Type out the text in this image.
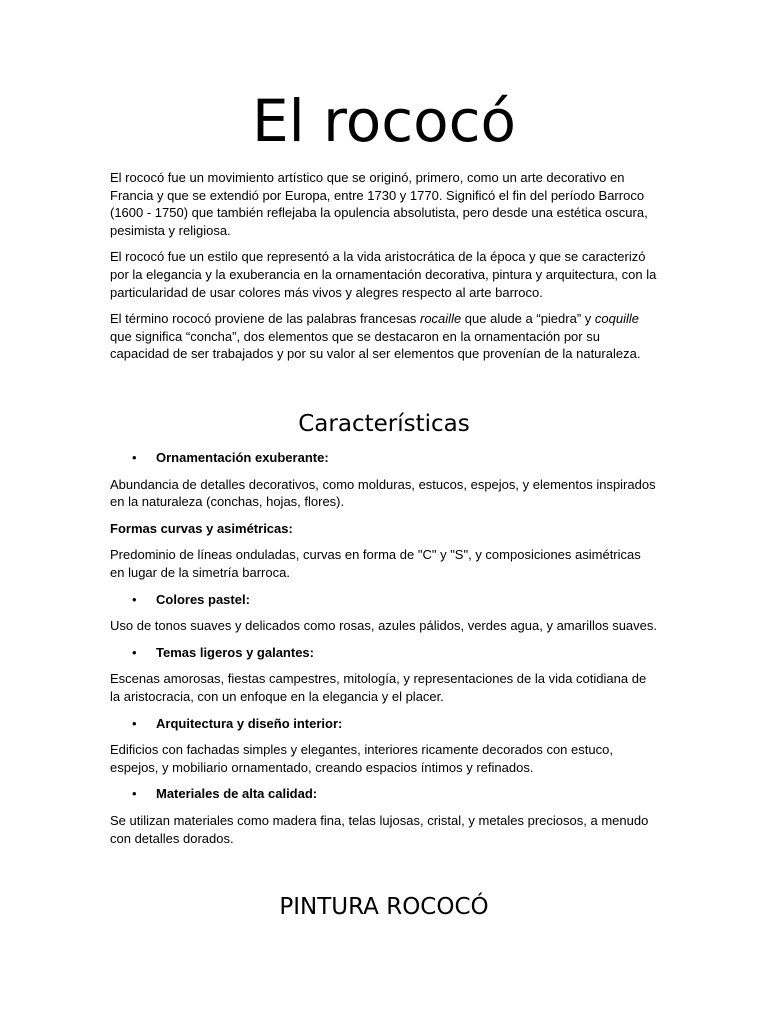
El rococó

El rococó fue un movimiento artístico que se originó, primero, como un arte decorativo en Francia y que se extendió por Europa, entre 1730 y 1770. Significó el fin del período Barroco (1600 - 1750) que también reflejaba la opulencia absolutista, pero desde una estética oscura, pesimista y religiosa.

El rococó fue un estilo que representó a la vida aristocrática de la época y que se caracterizó por la elegancia y la exuberancia en la ornamentación decorativa, pintura y arquitectura, con la particularidad de usar colores más vivos y alegres respecto al arte barroco.

El término rococó proviene de las palabras francesas rocaille que alude a “piedra” y coquille que significa “concha”, dos elementos que se destacaron en la ornamentación por su capacidad de ser trabajados y por su valor al ser elementos que provenían de la naturaleza.

Características

• Ornamentación exuberante:

Abundancia de detalles decorativos, como molduras, estucos, espejos, y elementos inspirados en la naturaleza (conchas, hojas, flores).

Formas curvas y asimétricas:

Predominio de líneas onduladas, curvas en forma de "C" y "S", y composiciones asimétricas en lugar de la simetría barroca.

• Colores pastel:

Uso de tonos suaves y delicados como rosas, azules pálidos, verdes agua, y amarillos suaves.

• Temas ligeros y galantes:

Escenas amorosas, fiestas campestres, mitología, y representaciones de la vida cotidiana de la aristocracia, con un enfoque en la elegancia y el placer.

• Arquitectura y diseño interior:

Edificios con fachadas simples y elegantes, interiores ricamente decorados con estuco, espejos, y mobiliario ornamentado, creando espacios íntimos y refinados.

• Materiales de alta calidad:

Se utilizan materiales como madera fina, telas lujosas, cristal, y metales preciosos, a menudo con detalles dorados.

PINTURA ROCOCÓ
